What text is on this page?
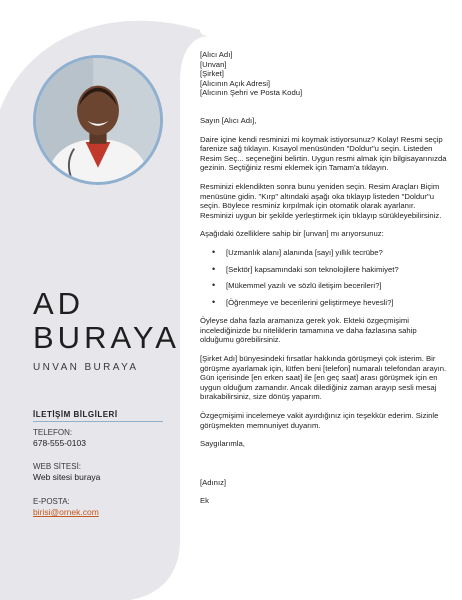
AD
BURAYA
UNVAN BURAYA
İLETİŞİM BİLGİLERİ
TELEFON:
678-555-0103
WEB SİTESİ:
Web sitesi buraya
E-POSTA:
birisi@ornek.com

[Alıcı Adı]
[Unvan]
[Şirket]
[Alıcının Açık Adresi]
[Alıcının Şehri ve Posta Kodu]

Sayın [Alıcı Adı],

Daire içine kendi resminizi mi koymak istiyorsunuz? Kolay! Resmi seçip farenize sağ tıklayın. Kısayol menüsünden "Doldur"u seçin. Listeden Resim Seç... seçeneğini belirtin. Uygun resmi almak için bilgisayarınızda gezinin. Seçtiğiniz resmi eklemek için Tamam'a tıklayın.

Resminizi eklendikten sonra bunu yeniden seçin. Resim Araçları Biçim menüsüne gidin. "Kırp" altındaki aşağı oka tıklayıp listeden "Doldur"u seçin. Böylece resminiz kırpılmak için otomatik olarak ayarlanır. Resminizi uygun bir şekilde yerleştirmek için tıklayıp sürükleyebilirsiniz.

Aşağıdaki özelliklere sahip bir [unvan] mı arıyorsunuz:

• [Uzmanlık alanı] alanında [sayı] yıllık tecrübe?
• [Sektör] kapsamındaki son teknolojilere hakimiyet?
• [Mükemmel yazılı ve sözlü iletişim becerileri?]
• [Öğrenmeye ve becerilerini geliştirmeye hevesli?]

Öyleyse daha fazla aramanıza gerek yok. Ekteki özgeçmişimi incelediğinizde bu niteliklerin tamamına ve daha fazlasına sahip olduğumu görebilirsiniz.

[Şirket Adı] bünyesindeki fırsatlar hakkında görüşmeyi çok isterim. Bir görüşme ayarlamak için, lütfen beni [telefon] numaralı telefondan arayın. Gün içerisinde [en erken saat] ile [en geç saat] arası görüşmek için en uygun olduğum zamandır. Ancak dilediğiniz zaman arayıp sesli mesaj bırakabilirsiniz, size dönüş yaparım.

Özgeçmişimi incelemeye vakit ayırdığınız için teşekkür ederim. Sizinle görüşmekten memnuniyet duyarım.

Saygılarımla,

[Adınız]

Ek
